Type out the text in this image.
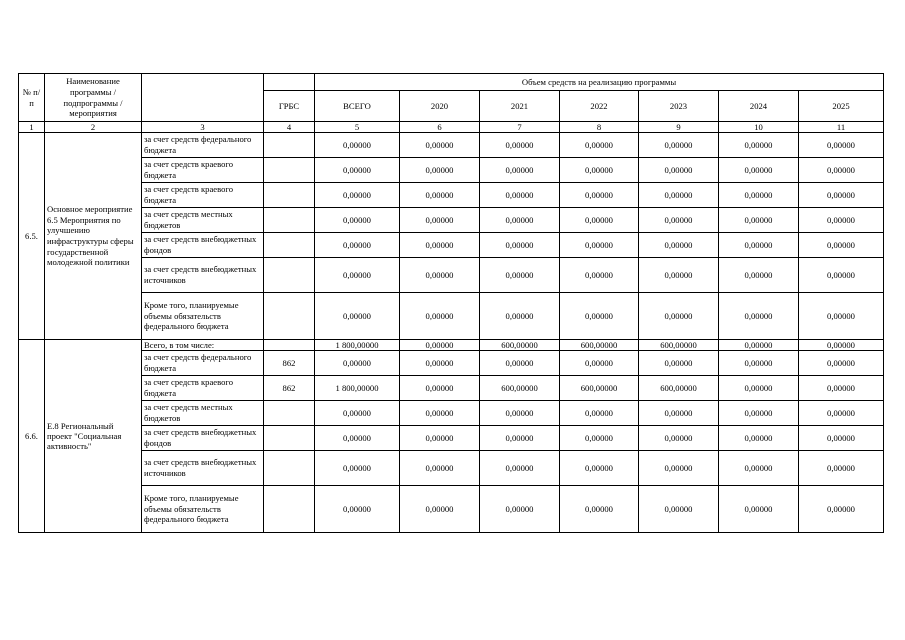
№ п/п	Наименование программы / подпрограммы / мероприятия			Объем средств на реализацию программы						
			ГРБС	ВСЕГО	2020	2021	2022	2023	2024	2025
1	2	3	4	5	6	7	8	9	10	11
6.5.	Основное мероприятие 6.5 Мероприятия по улучшению инфраструктуры сферы государственной молодежной политики	за счет средств федерального бюджета		0,00000	0,00000	0,00000	0,00000	0,00000	0,00000	0,00000
		за счет средств краевого бюджета		0,00000	0,00000	0,00000	0,00000	0,00000	0,00000	0,00000
		за счет средств краевого бюджета		0,00000	0,00000	0,00000	0,00000	0,00000	0,00000	0,00000
		за счет средств местных бюджетов		0,00000	0,00000	0,00000	0,00000	0,00000	0,00000	0,00000
		за счет средств внебюджетных фондов		0,00000	0,00000	0,00000	0,00000	0,00000	0,00000	0,00000
		за счет средств внебюджетных источников		0,00000	0,00000	0,00000	0,00000	0,00000	0,00000	0,00000
		Кроме того, планируемые объемы обязательств федерального бюджета		0,00000	0,00000	0,00000	0,00000	0,00000	0,00000	0,00000
6.6.	Е.8 Региональный проект "Социальная активность"	Всего, в том числе:		1 800,00000	0,00000	600,00000	600,00000	600,00000	0,00000	0,00000
		за счет средств федерального бюджета	862	0,00000	0,00000	0,00000	0,00000	0,00000	0,00000	0,00000
		за счет средств краевого бюджета	862	1 800,00000	0,00000	600,00000	600,00000	600,00000	0,00000	0,00000
		за счет средств местных бюджетов		0,00000	0,00000	0,00000	0,00000	0,00000	0,00000	0,00000
		за счет средств внебюджетных фондов		0,00000	0,00000	0,00000	0,00000	0,00000	0,00000	0,00000
		за счет средств внебюджетных источников		0,00000	0,00000	0,00000	0,00000	0,00000	0,00000	0,00000
		Кроме того, планируемые объемы обязательств федерального бюджета		0,00000	0,00000	0,00000	0,00000	0,00000	0,00000	0,00000
